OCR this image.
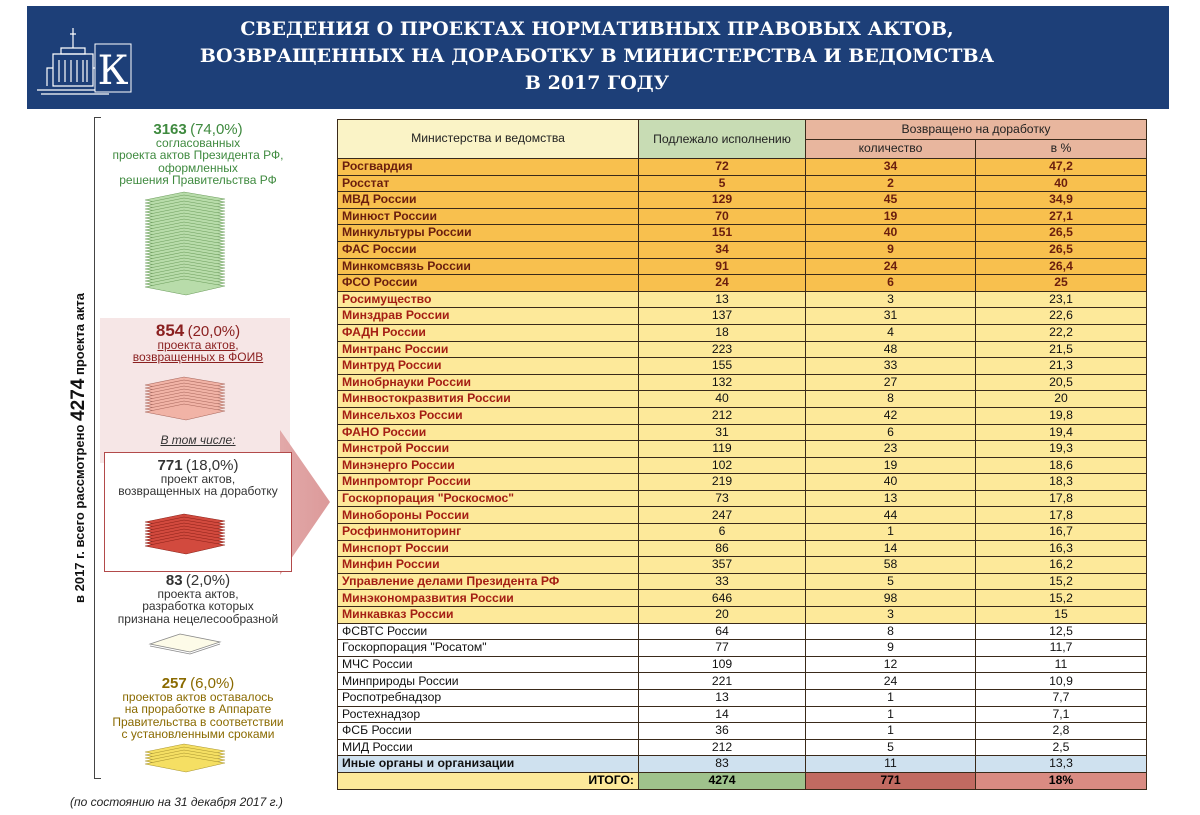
К
СВЕДЕНИЯ О ПРОЕКТАХ НОРМАТИВНЫХ ПРАВОВЫХ АКТОВ,
ВОЗВРАЩЕННЫХ НА ДОРАБОТКУ В МИНИСТЕРСТВА И ВЕДОМСТВА
В 2017 ГОДУ
в 2017 г. всего рассмотрено 4274 проекта акта
3163 (74,0%)
согласованных
проекта актов Президента РФ,
оформленных
решения Правительства РФ
854 (20,0%)
проекта актов,
возвращенных в ФОИВ
В том числе:
771 (18,0%)
проект актов,
возвращенных на доработку
83 (2,0%)
проекта актов,
разработка которых
признана нецелесообразной
257 (6,0%)
проектов актов оставалось
на проработке в Аппарате
Правительства в соответствии
с установленными сроками
(по состоянию на 31 декабря 2017 г.)
Министерства и ведомства	Подлежало исполнению	Возвращено на доработку	
		количество	в %
Росгвардия	72	34	47,2
Росстат	5	2	40
МВД России	129	45	34,9
Минюст России	70	19	27,1
Минкультуры России	151	40	26,5
ФАС России	34	9	26,5
Минкомсвязь России	91	24	26,4
ФСО России	24	6	25
Росимущество	13	3	23,1
Минздрав России	137	31	22,6
ФАДН России	18	4	22,2
Минтранс России	223	48	21,5
Минтруд России	155	33	21,3
Минобрнауки России	132	27	20,5
Минвостокразвития России	40	8	20
Минсельхоз России	212	42	19,8
ФАНО России	31	6	19,4
Минстрой России	119	23	19,3
Минэнерго России	102	19	18,6
Минпромторг России	219	40	18,3
Госкорпорация "Роскосмос"	73	13	17,8
Минобороны России	247	44	17,8
Росфинмониторинг	6	1	16,7
Минспорт России	86	14	16,3
Минфин России	357	58	16,2
Управление делами Президента РФ	33	5	15,2
Минэкономразвития России	646	98	15,2
Минкавказ России	20	3	15
ФСВТС России	64	8	12,5
Госкорпорация "Росатом"	77	9	11,7
МЧС России	109	12	11
Минприроды России	221	24	10,9
Роспотребнадзор	13	1	7,7
Ростехнадзор	14	1	7,1
ФСБ России	36	1	2,8
МИД России	212	5	2,5
Иные органы и организации	83	11	13,3
ИТОГО:	4274	771	18%
